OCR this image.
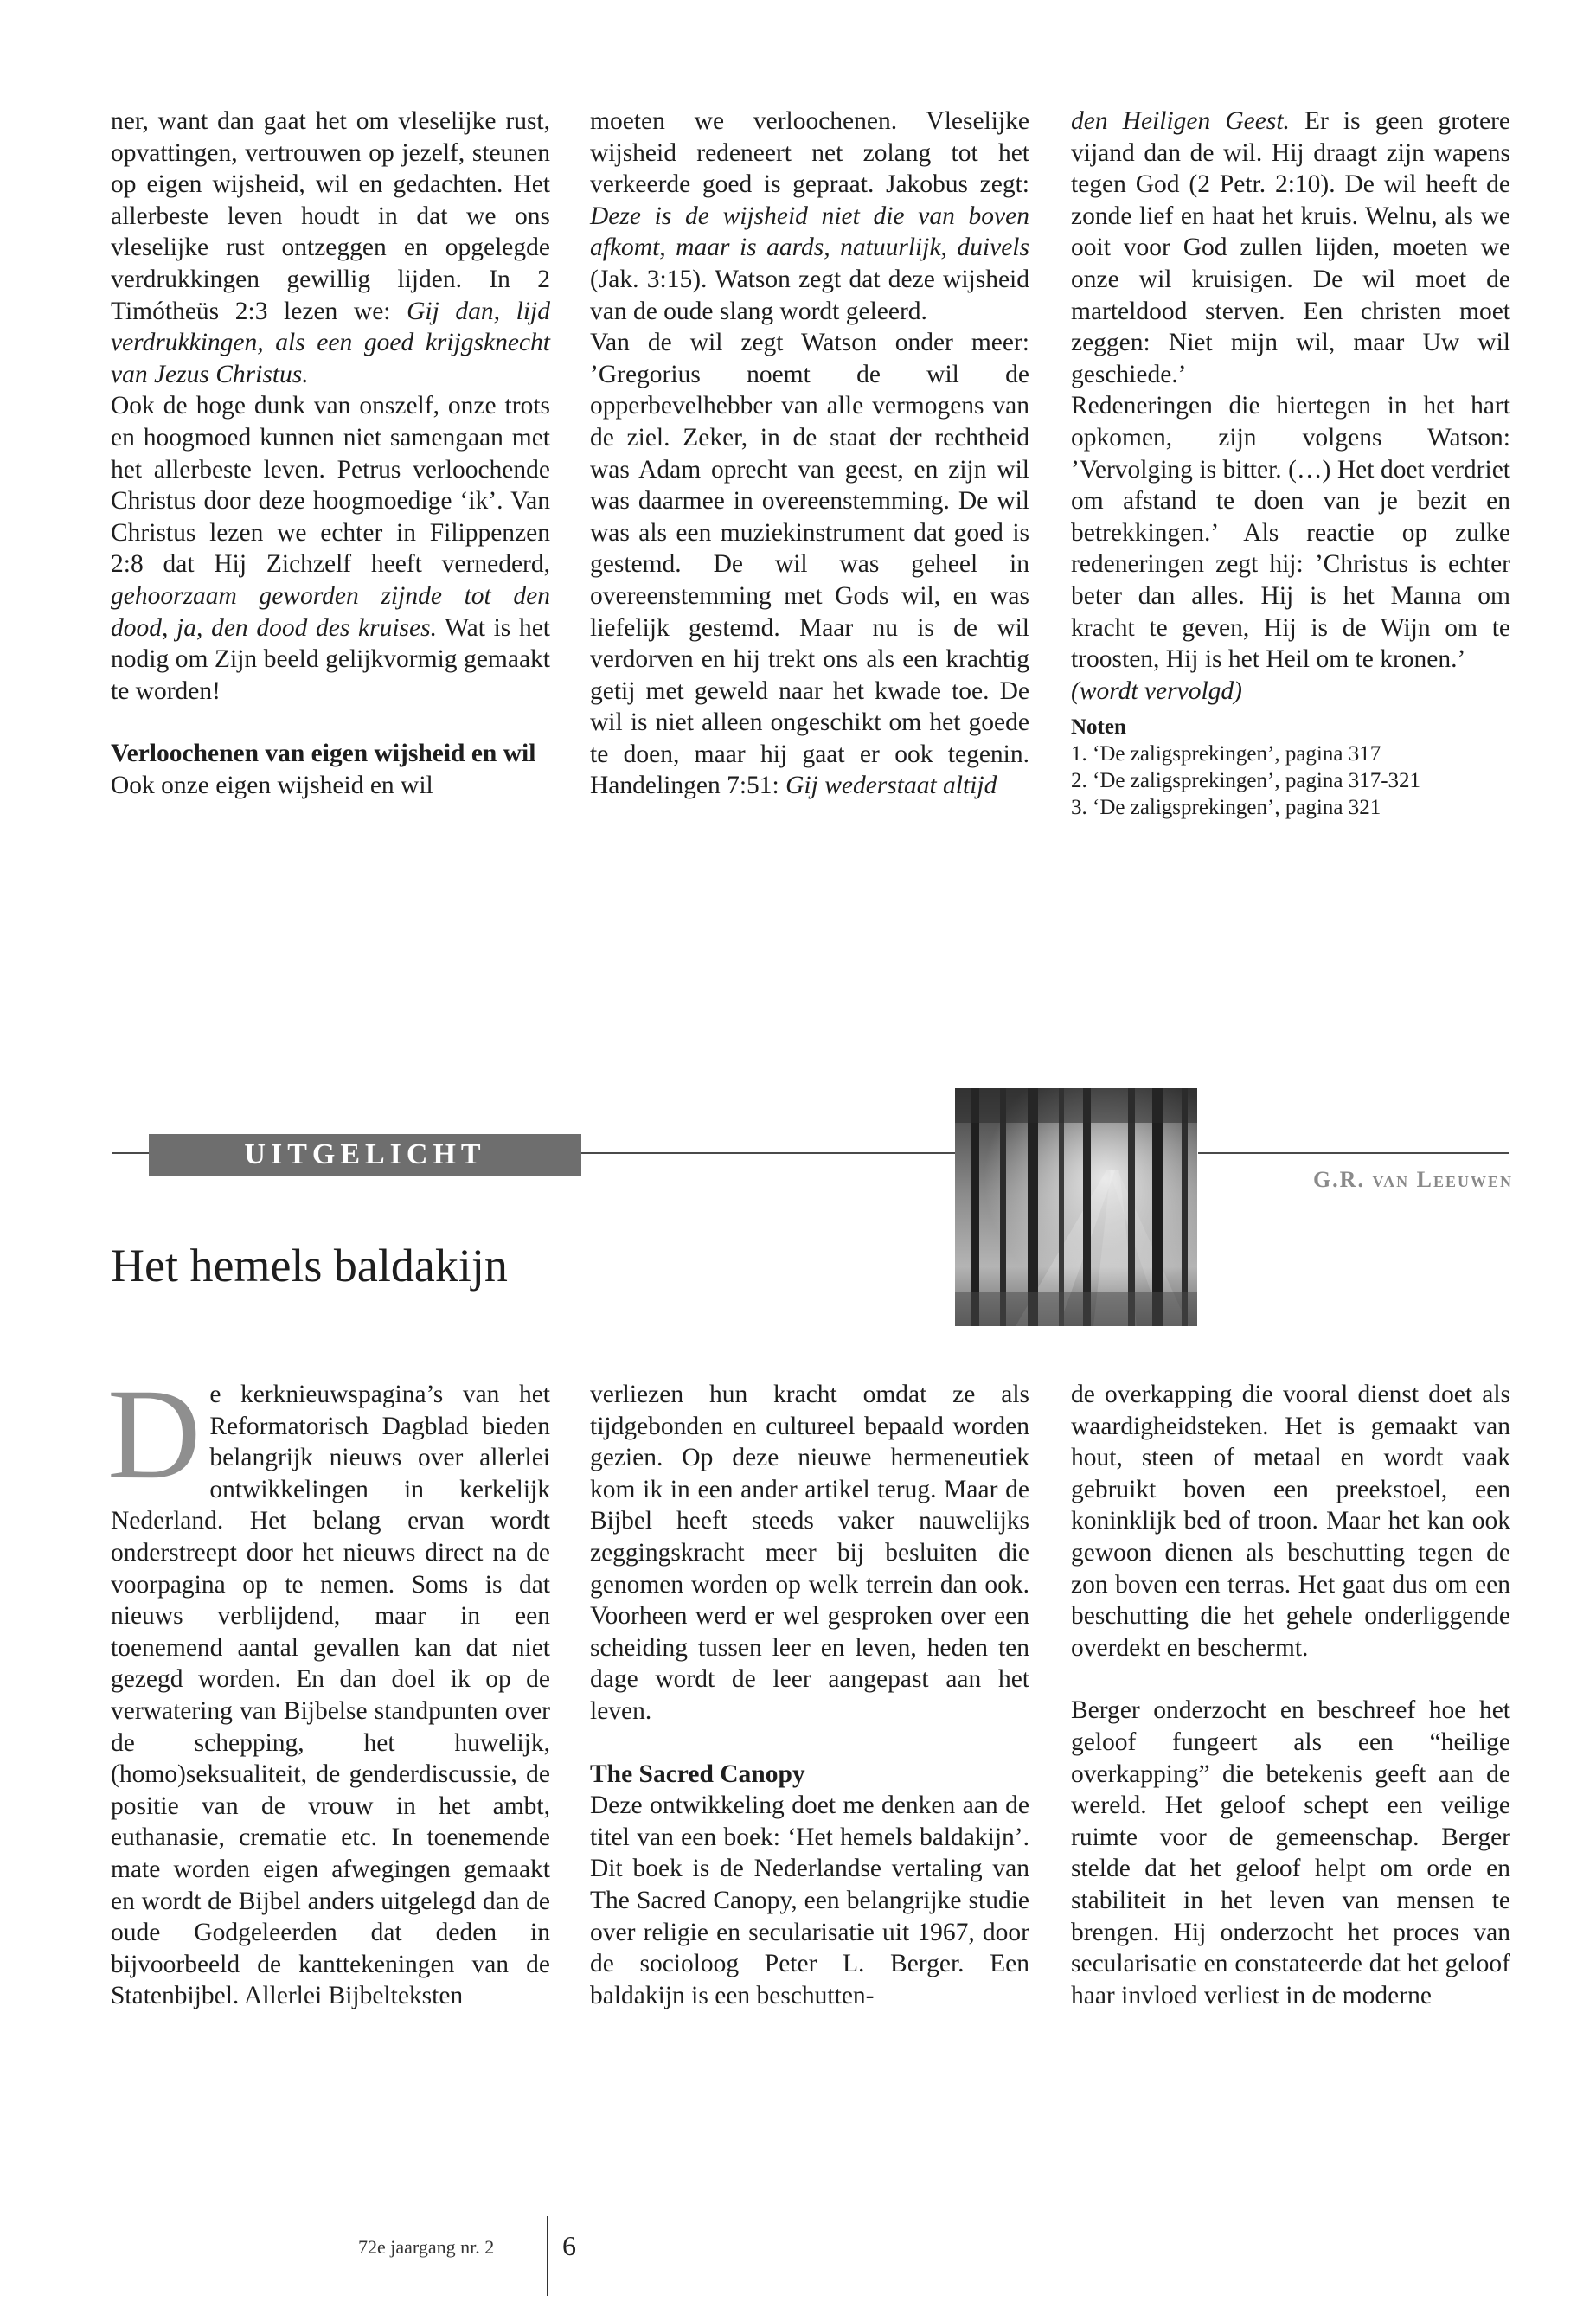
ner, want dan gaat het om vleselijke rust, opvattingen, vertrouwen op jezelf, steunen op eigen wijsheid, wil en gedachten. Het allerbeste leven houdt in dat we ons vleselijke rust ontzeggen en opgelegde verdrukkingen gewillig lijden. In 2 Timótheüs 2:3 lezen we: Gij dan, lijd verdrukkingen, als een goed krijgsknecht van Jezus Christus.

Ook de hoge dunk van onszelf, onze trots en hoogmoed kunnen niet samengaan met het allerbeste leven. Petrus verloochende Christus door deze hoogmoedige ‘ik’. Van Christus lezen we echter in Filippenzen 2:8 dat Hij Zichzelf heeft vernederd, gehoorzaam geworden zijnde tot den dood, ja, den dood des kruises. Wat is het nodig om Zijn beeld gelijkvormig gemaakt te worden!

Verloochenen van eigen wijsheid en wil

Ook onze eigen wijsheid en wil

moeten we verloochenen. Vleselijke wijsheid redeneert net zolang tot het verkeerde goed is gepraat. Jakobus zegt: Deze is de wijsheid niet die van boven afkomt, maar is aards, natuurlijk, duivels (Jak. 3:15). Watson zegt dat deze wijsheid van de oude slang wordt geleerd.

Van de wil zegt Watson onder meer: ’Gregorius noemt de wil de opperbevelhebber van alle vermogens van de ziel. Zeker, in de staat der rechtheid was Adam oprecht van geest, en zijn wil was daarmee in overeenstemming. De wil was als een muziekinstrument dat goed is gestemd. De wil was geheel in overeenstemming met Gods wil, en was liefelijk gestemd. Maar nu is de wil verdorven en hij trekt ons als een krachtig getij met geweld naar het kwade toe. De wil is niet alleen ongeschikt om het goede te doen, maar hij gaat er ook tegenin. Handelingen 7:51: Gij wederstaat altijd

den Heiligen Geest. Er is geen grotere vijand dan de wil. Hij draagt zijn wapens tegen God (2 Petr. 2:10). De wil heeft de zonde lief en haat het kruis. Welnu, als we ooit voor God zullen lijden, moeten we onze wil kruisigen. De wil moet de marteldood sterven. Een christen moet zeggen: Niet mijn wil, maar Uw wil geschiede.’

Redeneringen die hiertegen in het hart opkomen, zijn volgens Watson: ’Vervolging is bitter. (…) Het doet verdriet om afstand te doen van je bezit en betrekkingen.’ Als reactie op zulke redeneringen zegt hij: ’Christus is echter beter dan alles. Hij is het Manna om kracht te geven, Hij is de Wijn om te troosten, Hij is het Heil om te kronen.’

(wordt vervolgd)

Noten
1. ‘De zaligsprekingen’, pagina 317
2. ‘De zaligsprekingen’, pagina 317-321
3. ‘De zaligsprekingen’, pagina 321
UITGELICHT
G.R. van Leeuwen
Het hemels baldakijn

De kerknieuwspagina’s van het Reformatorisch Dagblad bieden belangrijk nieuws over allerlei ontwikkelingen in kerkelijk Nederland. Het belang ervan wordt onderstreept door het nieuws direct na de voorpagina op te nemen. Soms is dat nieuws verblijdend, maar in een toenemend aantal gevallen kan dat niet gezegd worden. En dan doel ik op de verwatering van Bijbelse standpunten over de schepping, het huwelijk, (homo)seksualiteit, de genderdiscussie, de positie van de vrouw in het ambt, euthanasie, crematie etc. In toenemende mate worden eigen afwegingen gemaakt en wordt de Bijbel anders uitgelegd dan de oude Godgeleerden dat deden in bijvoorbeeld de kanttekeningen van de Statenbijbel. Allerlei Bijbelteksten

verliezen hun kracht omdat ze als tijdgebonden en cultureel bepaald worden gezien. Op deze nieuwe hermeneutiek kom ik in een ander artikel terug. Maar de Bijbel heeft steeds vaker nauwelijks zeggingskracht meer bij besluiten die genomen worden op welk terrein dan ook. Voorheen werd er wel gesproken over een scheiding tussen leer en leven, heden ten dage wordt de leer aangepast aan het leven.

The Sacred Canopy

Deze ontwikkeling doet me denken aan de titel van een boek: ‘Het hemels baldakijn’. Dit boek is de Nederlandse vertaling van The Sacred Canopy, een belangrijke studie over religie en secularisatie uit 1967, door de socioloog Peter L. Berger. Een baldakijn is een beschutten-

de overkapping die vooral dienst doet als waardigheidsteken. Het is gemaakt van hout, steen of metaal en wordt vaak gebruikt boven een preekstoel, een koninklijk bed of troon. Maar het kan ook gewoon dienen als beschutting tegen de zon boven een terras. Het gaat dus om een beschutting die het gehele onderliggende overdekt en beschermt.

Berger onderzocht en beschreef hoe het geloof fungeert als een “heilige overkapping” die betekenis geeft aan de wereld. Het geloof schept een veilige ruimte voor de gemeenschap. Berger stelde dat het geloof helpt om orde en stabiliteit in het leven van mensen te brengen. Hij onderzocht het proces van secularisatie en constateerde dat het geloof haar invloed verliest in de moderne

72e jaargang nr. 2 6
